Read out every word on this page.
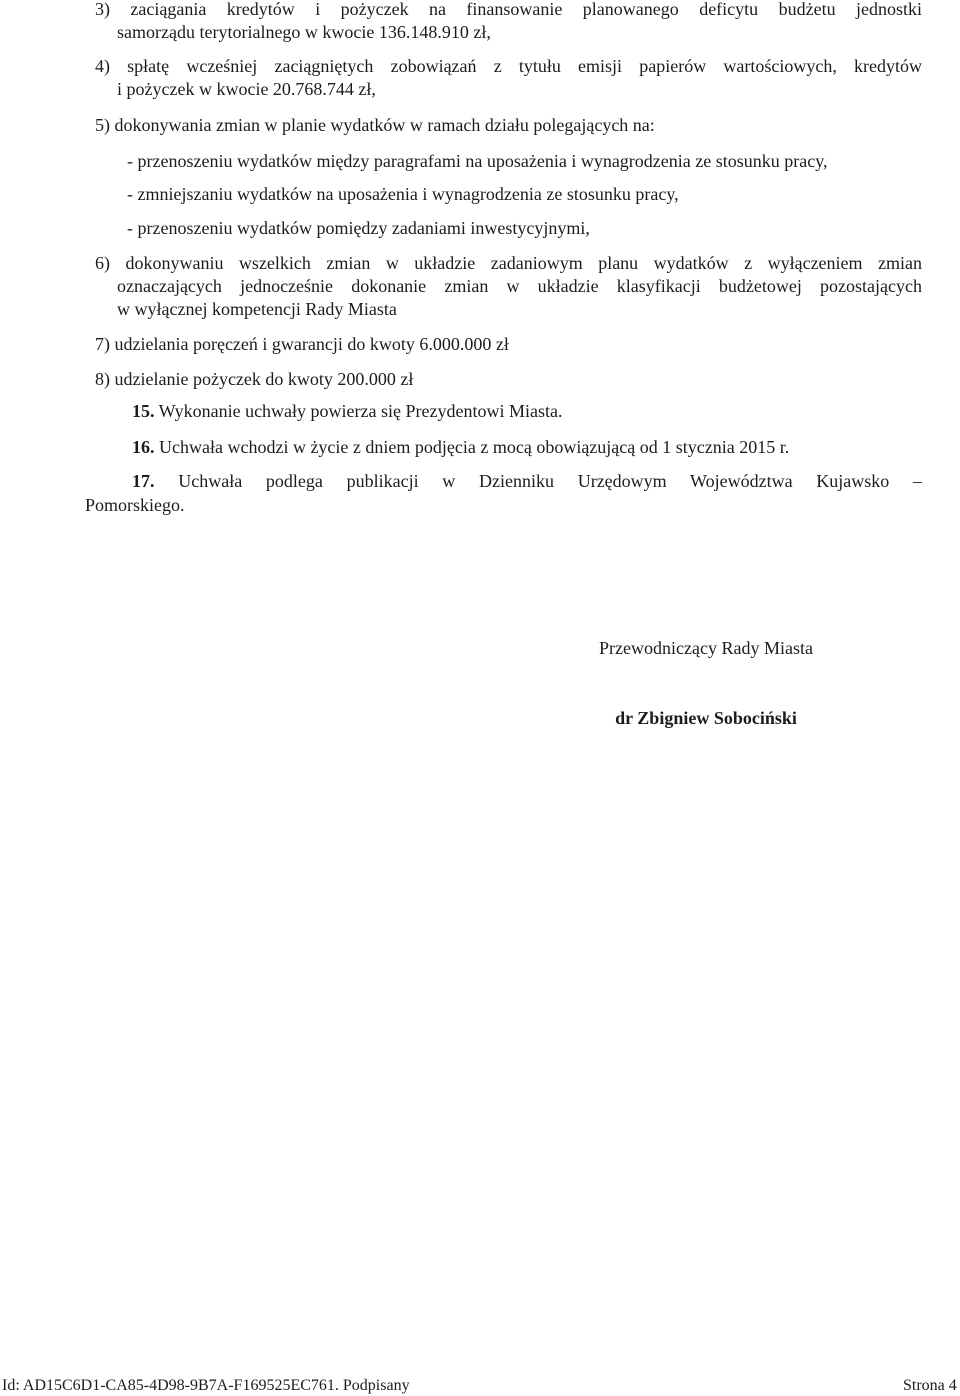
3) zaciągania kredytów i pożyczek na finansowanie planowanego deficytu budżetu jednostki
samorządu terytorialnego w kwocie 136.148.910 zł,
4) spłatę wcześniej zaciągniętych zobowiązań z tytułu emisji papierów wartościowych, kredytów
i pożyczek w kwocie 20.768.744 zł,
5) dokonywania zmian w planie wydatków w ramach działu polegających na:
- przenoszeniu wydatków między paragrafami na uposażenia i wynagrodzenia ze stosunku pracy,
- zmniejszaniu wydatków na uposażenia i wynagrodzenia ze stosunku pracy,
- przenoszeniu wydatków pomiędzy zadaniami inwestycyjnymi,
6) dokonywaniu wszelkich zmian w układzie zadaniowym planu wydatków z wyłączeniem zmian
oznaczających jednocześnie dokonanie zmian w układzie klasyfikacji budżetowej pozostających
w wyłącznej kompetencji Rady Miasta
7) udzielania poręczeń i gwarancji do kwoty 6.000.000 zł
8) udzielanie pożyczek do kwoty 200.000 zł
15. Wykonanie uchwały powierza się Prezydentowi Miasta.
16. Uchwała wchodzi w życie z dniem podjęcia z mocą obowiązującą od 1 stycznia 2015 r.
17. Uchwała podlega publikacji w Dzienniku Urzędowym Województwa Kujawsko –
Pomorskiego.
Przewodniczący Rady Miasta
dr Zbigniew Sobociński
Id: AD15C6D1-CA85-4D98-9B7A-F169525EC761. Podpisany	Strona 4
